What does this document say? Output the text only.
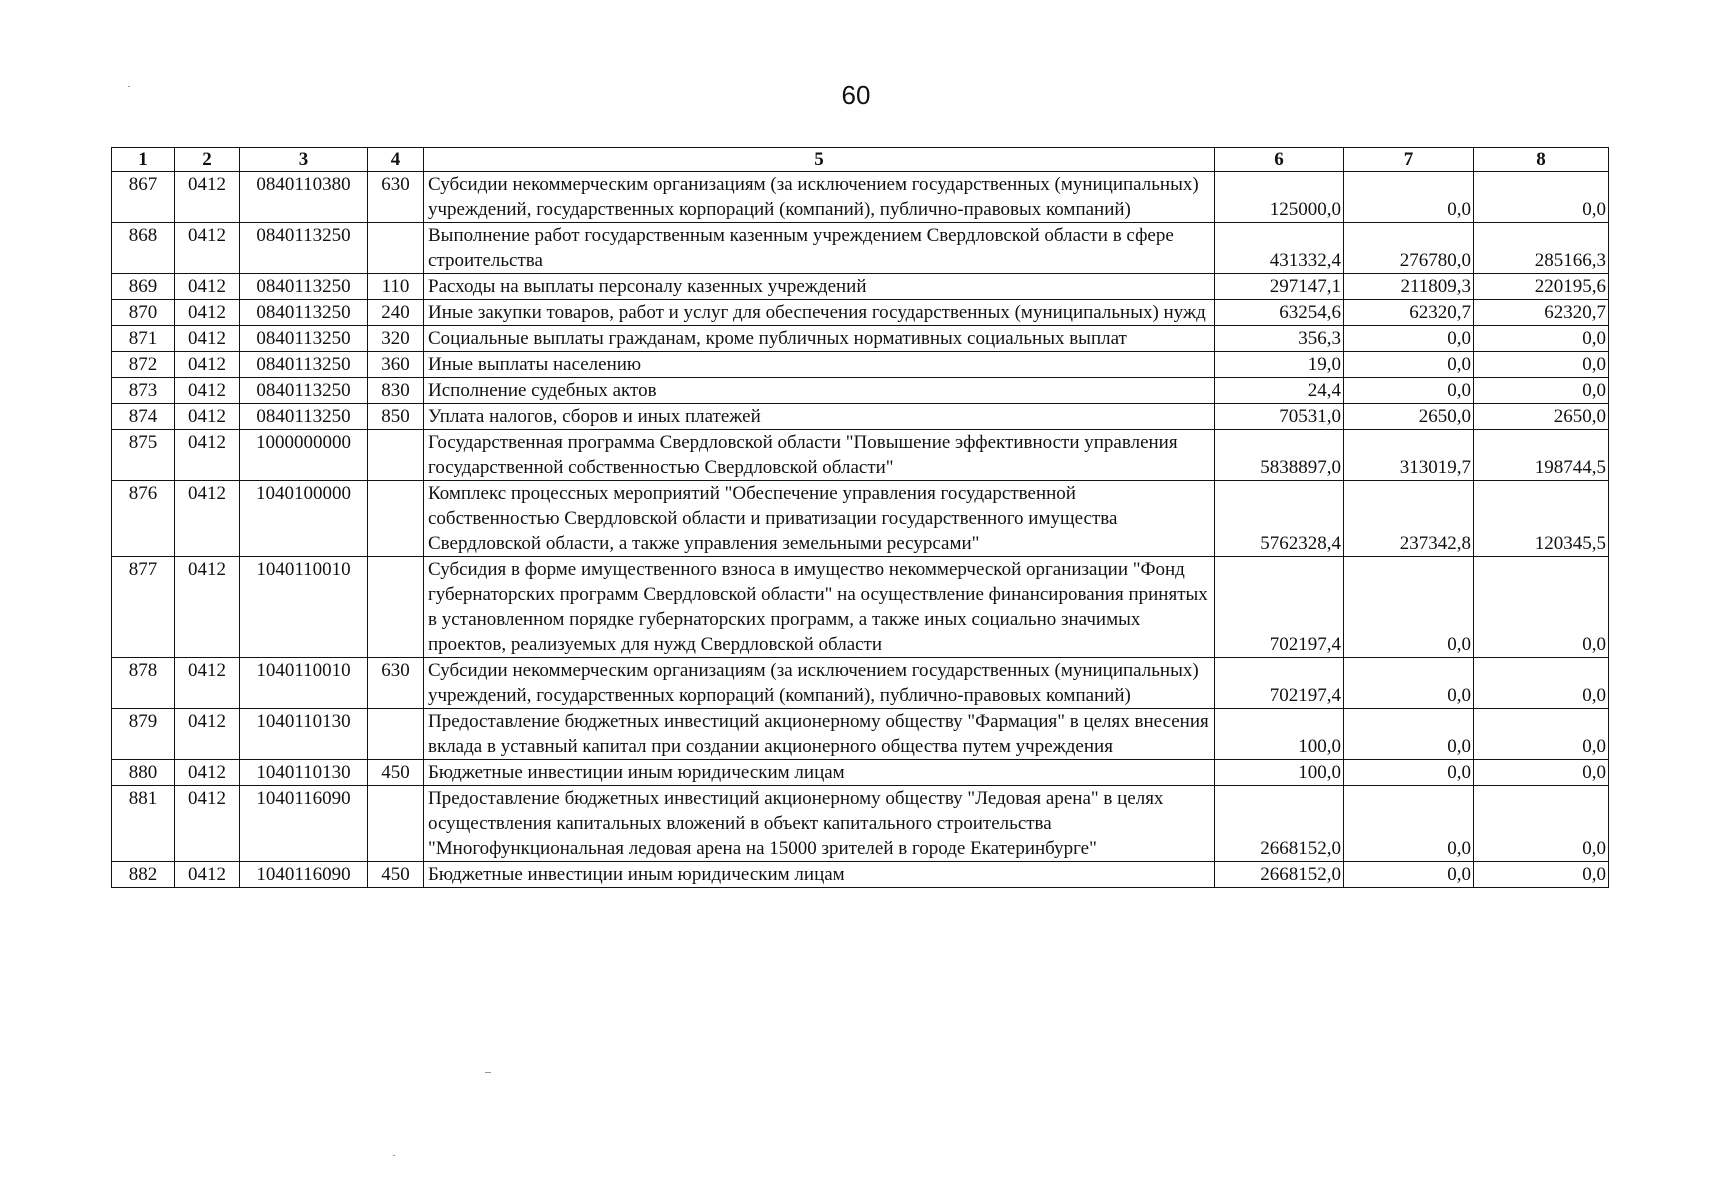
60
1	2	3	4	5	6	7	8
867	0412	0840110380	630	Субсидии некоммерческим организациям (за исключением государственных (муниципальных) учреждений, государственных корпораций (компаний), публично-правовых компаний)	125000,0	0,0	0,0
868	0412	0840113250		Выполнение работ государственным казенным учреждением Свердловской области в сфере строительства	431332,4	276780,0	285166,3
869	0412	0840113250	110	Расходы на выплаты персоналу казенных учреждений	297147,1	211809,3	220195,6
870	0412	0840113250	240	Иные закупки товаров, работ и услуг для обеспечения государственных (муниципальных) нужд	63254,6	62320,7	62320,7
871	0412	0840113250	320	Социальные выплаты гражданам, кроме публичных нормативных социальных выплат	356,3	0,0	0,0
872	0412	0840113250	360	Иные выплаты населению	19,0	0,0	0,0
873	0412	0840113250	830	Исполнение судебных актов	24,4	0,0	0,0
874	0412	0840113250	850	Уплата налогов, сборов и иных платежей	70531,0	2650,0	2650,0
875	0412	1000000000		Государственная программа Свердловской области "Повышение эффективности управления государственной собственностью Свердловской области"	5838897,0	313019,7	198744,5
876	0412	1040100000		Комплекс процессных мероприятий "Обеспечение управления государственной собственностью Свердловской области и приватизации государственного имущества Свердловской области, а также управления земельными ресурсами"	5762328,4	237342,8	120345,5
877	0412	1040110010		Субсидия в форме имущественного взноса в имущество некоммерческой организации "Фонд губернаторских программ Свердловской области" на осуществление финансирования принятых в установленном порядке губернаторских программ, а также иных социально значимых проектов, реализуемых для нужд Свердловской области	702197,4	0,0	0,0
878	0412	1040110010	630	Субсидии некоммерческим организациям (за исключением государственных (муниципальных) учреждений, государственных корпораций (компаний), публично-правовых компаний)	702197,4	0,0	0,0
879	0412	1040110130		Предоставление бюджетных инвестиций акционерному обществу "Фармация" в целях внесения вклада в уставный капитал при создании акционерного общества путем учреждения	100,0	0,0	0,0
880	0412	1040110130	450	Бюджетные инвестиции иным юридическим лицам	100,0	0,0	0,0
881	0412	1040116090		Предоставление бюджетных инвестиций акционерному обществу "Ледовая арена" в целях осуществления капитальных вложений в объект капитального строительства "Многофункциональная ледовая арена на 15000 зрителей в городе Екатеринбурге"	2668152,0	0,0	0,0
882	0412	1040116090	450	Бюджетные инвестиции иным юридическим лицам	2668152,0	0,0	0,0
